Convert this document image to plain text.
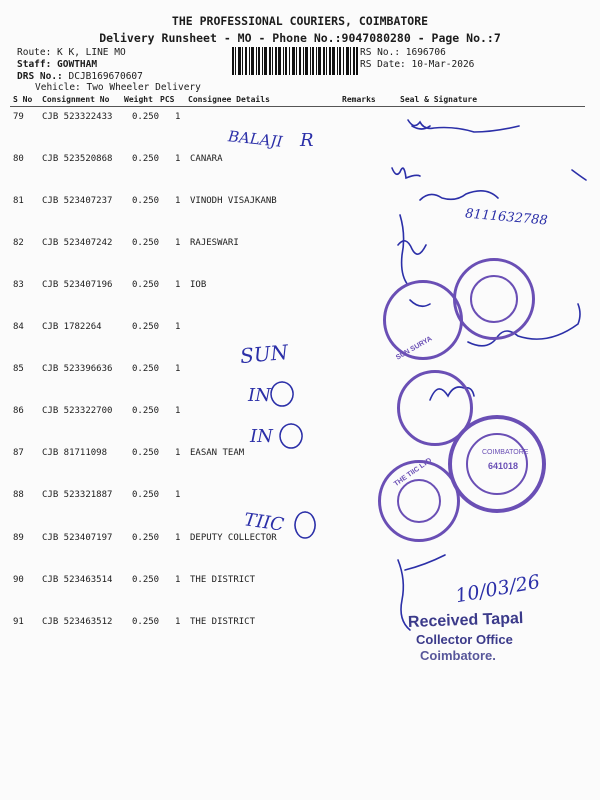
THE PROFESSIONAL COURIERS, COIMBATORE
Delivery Runsheet - MO - Phone No.:9047080280 - Page No.:7
Route: K K, LINE MO
Staff: GOWTHAM
DRS No.: DCJB169670607
Vehicle: Two Wheeler Delivery
RS No.: 1696706
RS Date: 10-Mar-2026
S No Consignment No Weight PCS Consignee Details	Remarks	Seal & Signature
79 CJB 523322433 0.250 1
80 CJB 523520868 0.250 1 CANARA
81 CJB 523407237 0.250 1 VINODH VISAJKANB
82 CJB 523407242 0.250 1 RAJESWARI
83 CJB 523407196 0.250 1 IOB
84 CJB 1782264	0.250 1
85 CJB 523396636 0.250 1
86 CJB 523322700 0.250 1
87 CJB 81711098	0.250 1 EASAN TEAM
88 CJB 523321887 0.250 1
89 CJB 523407197 0.250 1 DEPUTY COLLECTOR
90 CJB 523463514 0.250 1 THE DISTRICT
91 CJB 523463512 0.250 1 THE DISTRICT
BALAJI R
8111632788
SUN
IN
IN
TIIC
10/03/26
SUN SURYA
COIMBATORE
641018
THE TIIC LTD
Received Tapal
Collector Office
Coimbatore.
